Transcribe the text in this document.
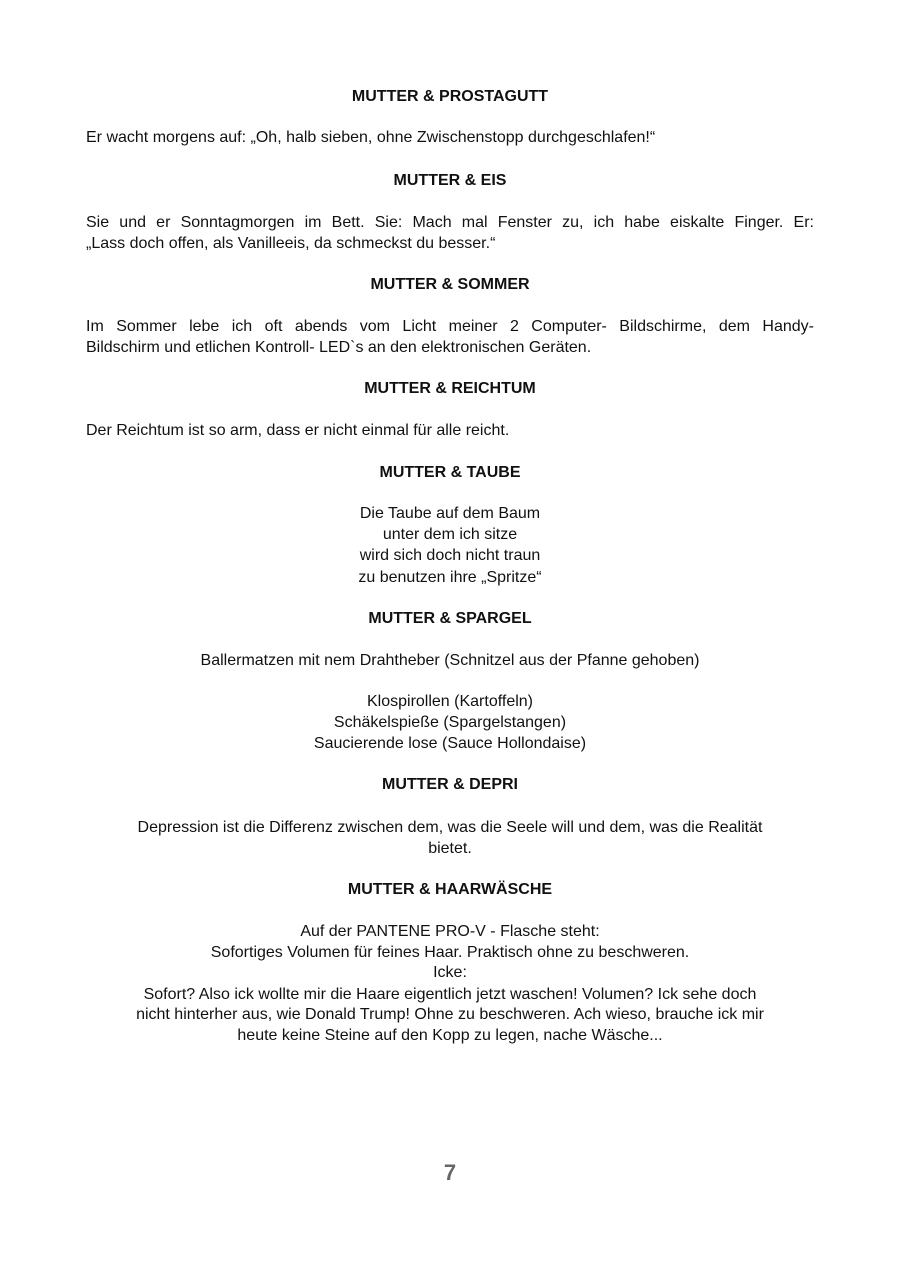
MUTTER & PROSTAGUTT
Er wacht morgens auf: „Oh, halb sieben, ohne Zwischenstopp durchgeschlafen!“
MUTTER & EIS
Sie und er Sonntagmorgen im Bett. Sie: Mach mal Fenster zu, ich habe eiskalte Finger. Er:
„Lass doch offen, als Vanilleeis, da schmeckst du besser.“
MUTTER & SOMMER
Im Sommer lebe ich oft abends vom Licht meiner 2 Computer- Bildschirme, dem Handy-
Bildschirm und etlichen Kontroll- LED`s an den elektronischen Geräten.
MUTTER & REICHTUM
Der Reichtum ist so arm, dass er nicht einmal für alle reicht.
MUTTER & TAUBE
Die Taube auf dem Baum
unter dem ich sitze
wird sich doch nicht traun
zu benutzen ihre „Spritze“
MUTTER & SPARGEL
Ballermatzen mit nem Drahtheber (Schnitzel aus der Pfanne gehoben)
Klospirollen (Kartoffeln)
Schäkelspieße (Spargelstangen)
Saucierende lose (Sauce Hollondaise)
MUTTER & DEPRI
Depression ist die Differenz zwischen dem, was die Seele will und dem, was die Realität
bietet.
MUTTER & HAARWÄSCHE
Auf der PANTENE PRO-V - Flasche steht:
Sofortiges Volumen für feines Haar. Praktisch ohne zu beschweren.
Icke:
Sofort? Also ick wollte mir die Haare eigentlich jetzt waschen! Volumen? Ick sehe doch
nicht hinterher aus, wie Donald Trump! Ohne zu beschweren. Ach wieso, brauche ick mir
heute keine Steine auf den Kopp zu legen, nache Wäsche...
7
